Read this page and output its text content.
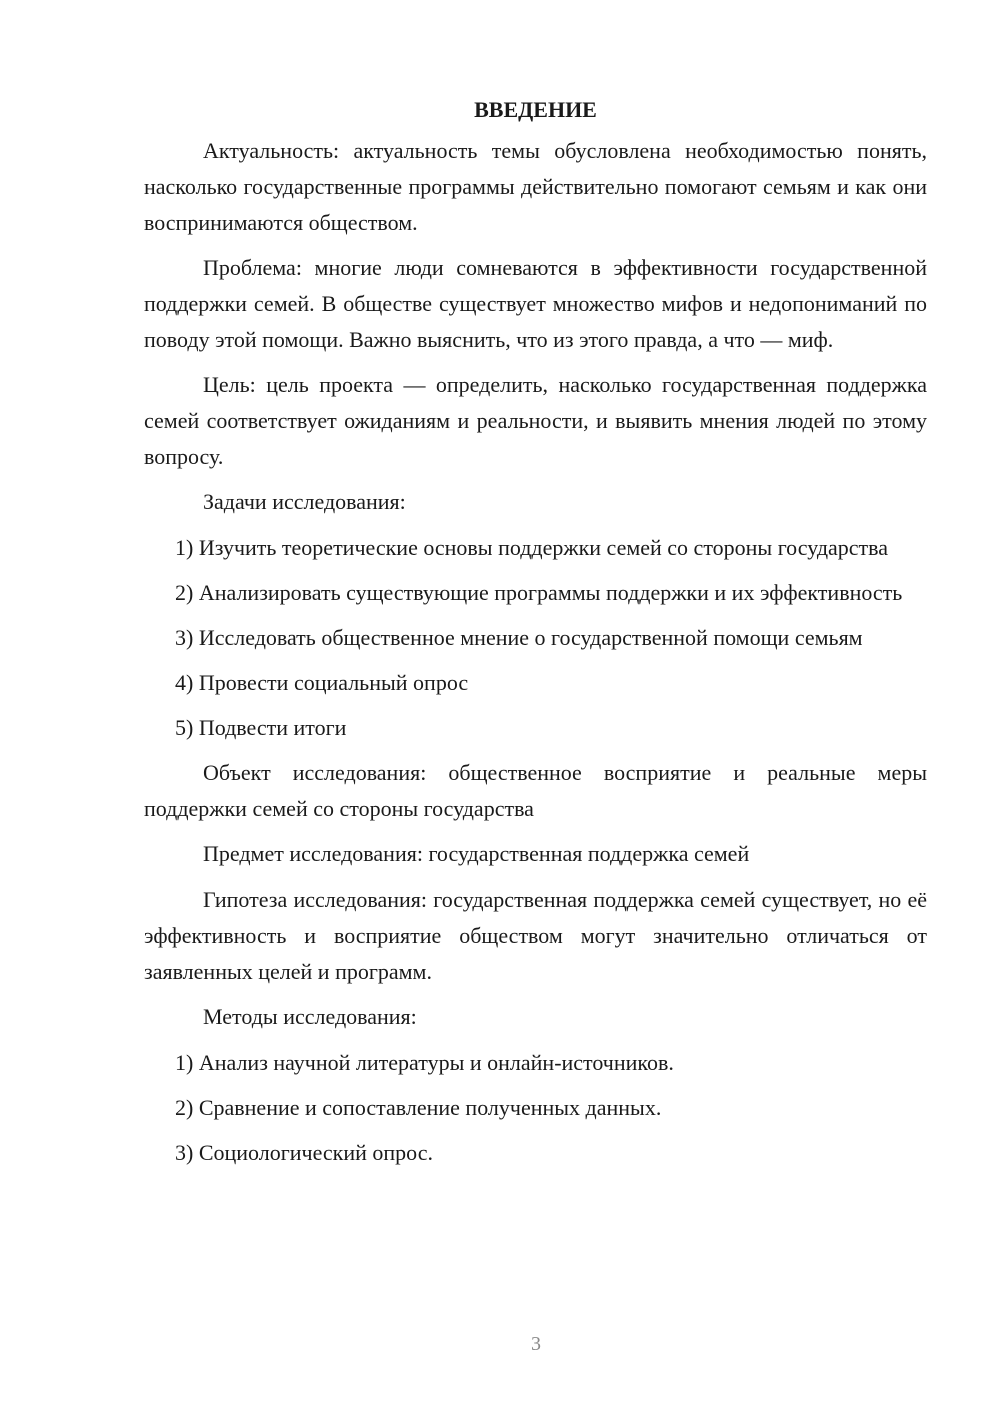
ВВЕДЕНИЕ

Актуальность: актуальность темы обусловлена необходимостью понять, насколько государственные программы действительно помогают семьям и как они воспринимаются обществом.

Проблема: многие люди сомневаются в эффективности государственной поддержки семей. В обществе существует множество мифов и недопониманий по поводу этой помощи. Важно выяснить, что из этого правда, а что — миф.

Цель: цель проекта — определить, насколько государственная поддержка семей соответствует ожиданиям и реальности, и выявить мнения людей по этому вопросу.

Задачи исследования:

1) Изучить теоретические основы поддержки семей со стороны государства

2) Анализировать существующие программы поддержки и их эффективность

3) Исследовать общественное мнение о государственной помощи семьям

4) Провести социальный опрос

5) Подвести итоги

Объект исследования: общественное восприятие и реальные меры поддержки семей со стороны государства

Предмет исследования: государственная поддержка семей

Гипотеза исследования: государственная поддержка семей существует, но её эффективность и восприятие обществом могут значительно отличаться от заявленных целей и программ.

Методы исследования:

1) Анализ научной литературы и онлайн-источников.

2) Сравнение и сопоставление полученных данных.

3) Социологический опрос.

3
